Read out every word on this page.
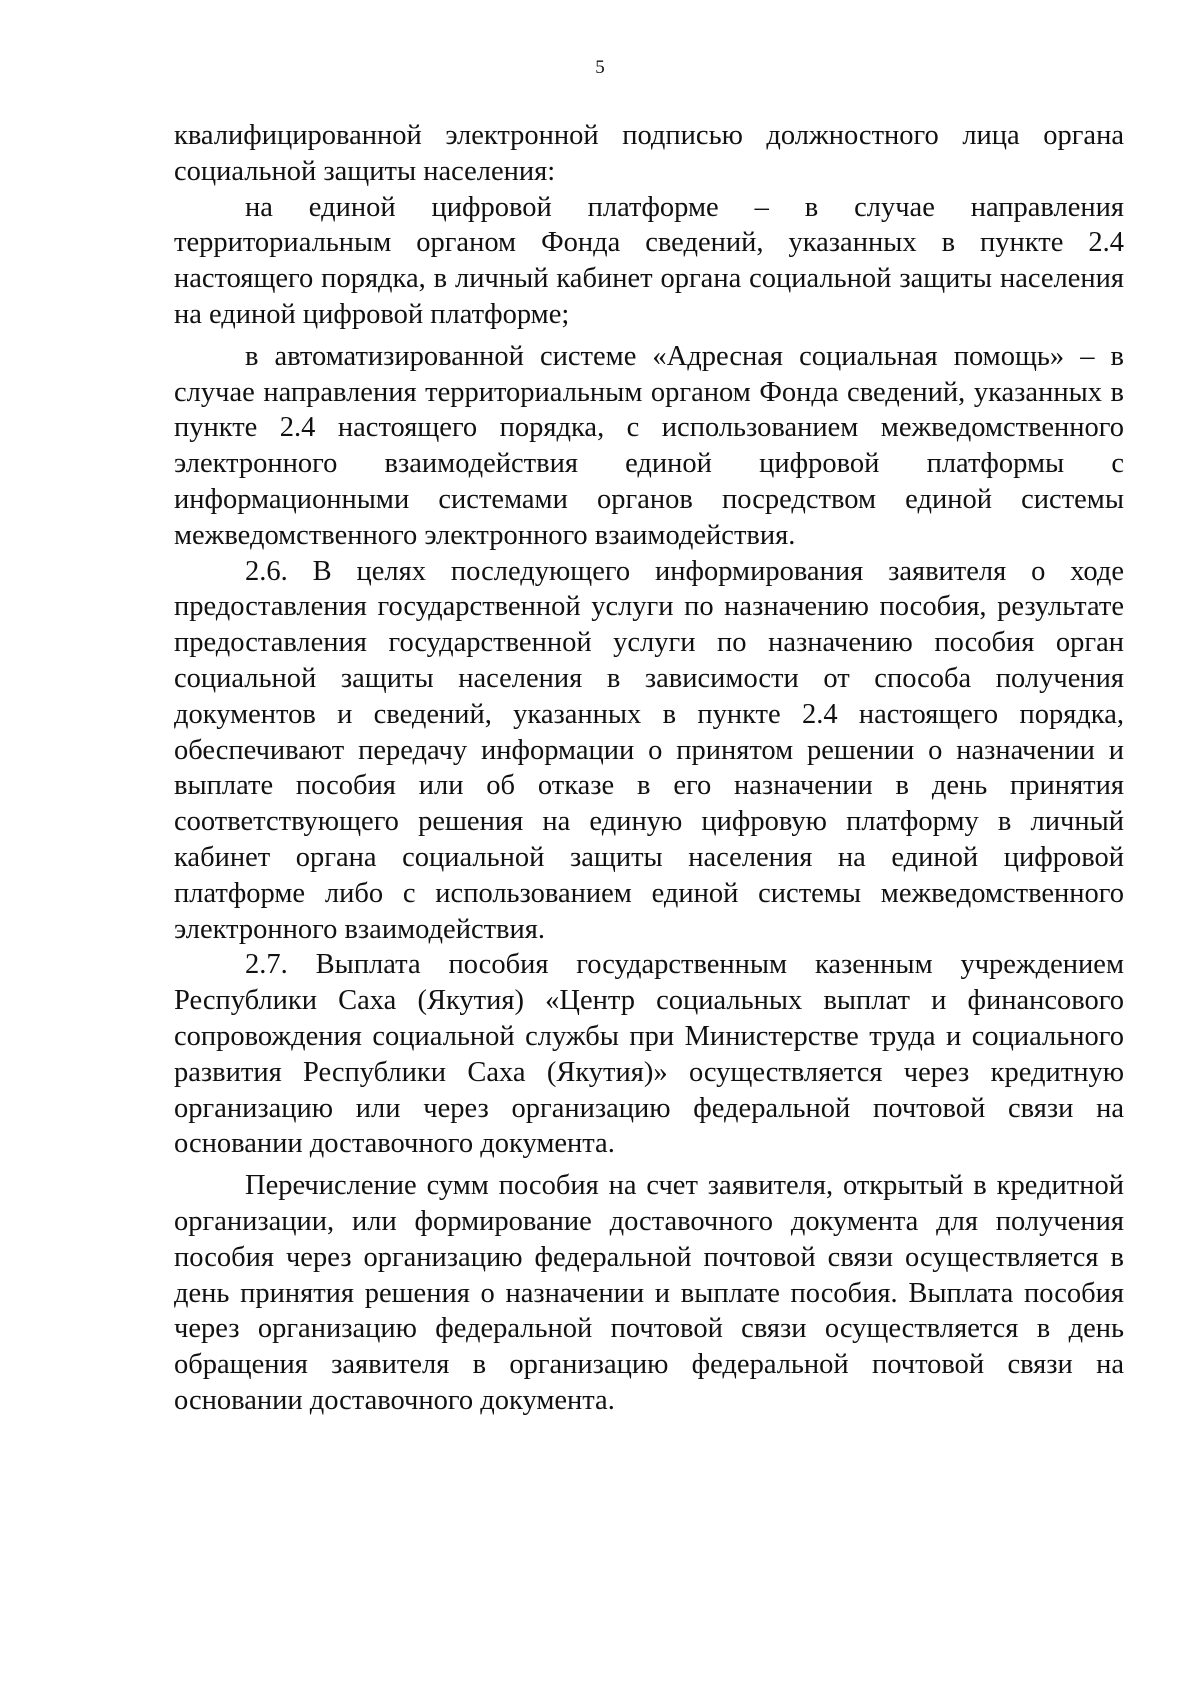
5

квалифицированной электронной подписью должностного лица органа социальной защиты населения:

на единой цифровой платформе – в случае направления территориальным органом Фонда сведений, указанных в пункте 2.4 настоящего порядка, в личный кабинет органа социальной защиты населения на единой цифровой платформе;

в автоматизированной системе «Адресная социальная помощь» – в случае направления территориальным органом Фонда сведений, указанных в пункте 2.4 настоящего порядка, с использованием межведомственного электронного взаимодействия единой цифровой платформы с информационными системами органов посредством единой системы межведомственного электронного взаимодействия.

2.6. В целях последующего информирования заявителя о ходе предоставления государственной услуги по назначению пособия, результате предоставления государственной услуги по назначению пособия орган социальной защиты населения в зависимости от способа получения документов и сведений, указанных в пункте 2.4 настоящего порядка, обеспечивают передачу информации о принятом решении о назначении и выплате пособия или об отказе в его назначении в день принятия соответствующего решения на единую цифровую платформу в личный кабинет органа социальной защиты населения на единой цифровой платформе либо с использованием единой системы межведомственного электронного взаимодействия.

2.7. Выплата пособия государственным казенным учреждением Республики Саха (Якутия) «Центр социальных выплат и финансового сопровождения социальной службы при Министерстве труда и социального развития Республики Саха (Якутия)» осуществляется через кредитную организацию или через организацию федеральной почтовой связи на основании доставочного документа.

Перечисление сумм пособия на счет заявителя, открытый в кредитной организации, или формирование доставочного документа для получения пособия через организацию федеральной почтовой связи осуществляется в день принятия решения о назначении и выплате пособия. Выплата пособия через организацию федеральной почтовой связи осуществляется в день обращения заявителя в организацию федеральной почтовой связи на основании доставочного документа.
